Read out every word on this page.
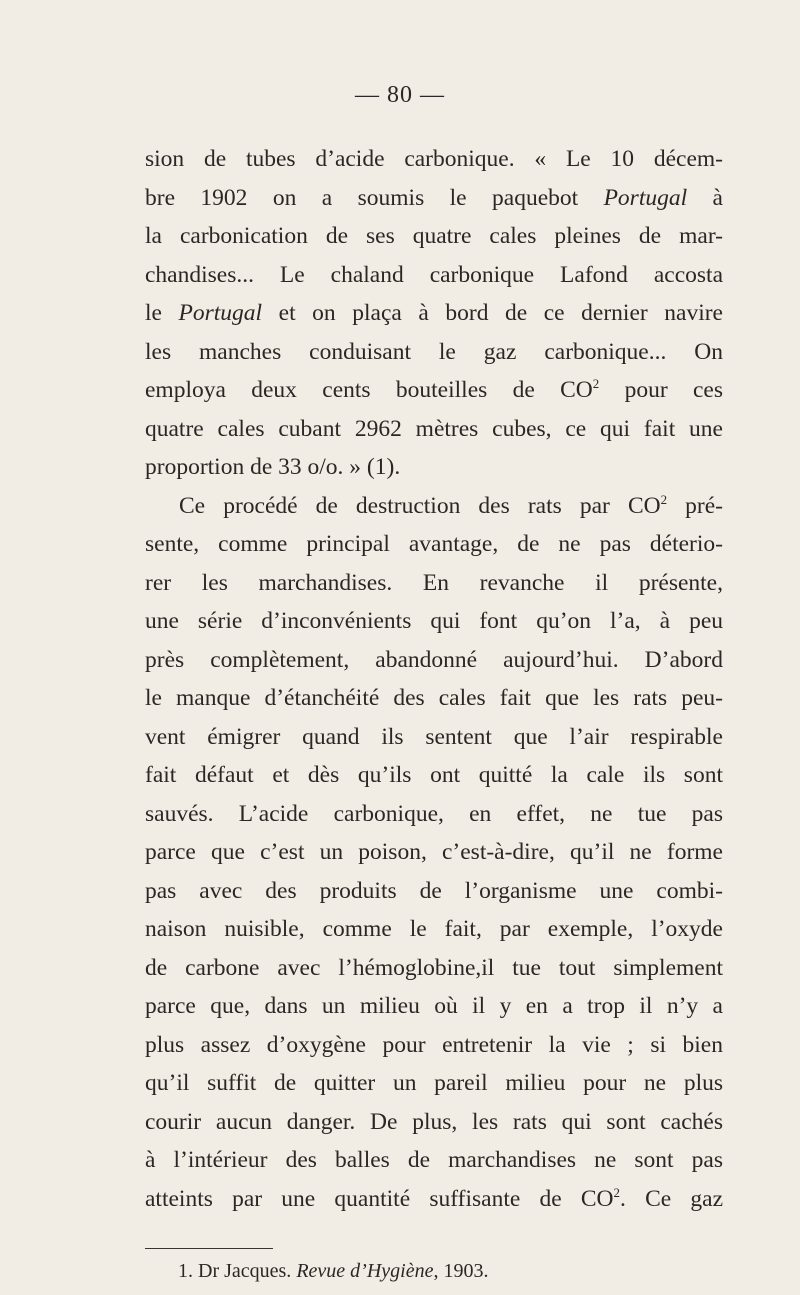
— 80 —
sion de tubes d’acide carbonique. « Le 10 décem-
bre 1902 on a soumis le paquebot Portugal à
la carbonication de ses quatre cales pleines de mar-
chandises... Le chaland carbonique Lafond accosta
le Portugal et on plaça à bord de ce dernier navire
les manches conduisant le gaz carbonique... On
employa deux cents bouteilles de $CO^2$ pour ces
quatre cales cubant 2962 mètres cubes, ce qui fait une
proportion de 33 o/o. » (1).
Ce procédé de destruction des rats par $CO^2$ pré-
sente, comme principal avantage, de ne pas déterio-
rer les marchandises. En revanche il présente,
une série d’inconvénients qui font qu’on l’a, à peu
près complètement, abandonné aujourd’hui. D’abord
le manque d’étanchéité des cales fait que les rats peu-
vent émigrer quand ils sentent que l’air respirable
fait défaut et dès qu’ils ont quitté la cale ils sont
sauvés. L’acide carbonique, en effet, ne tue pas
parce que c’est un poison, c’est-à-dire, qu’il ne forme
pas avec des produits de l’organisme une combi-
naison nuisible, comme le fait, par exemple, l’oxyde
de carbone avec l’hémoglobine,il tue tout simplement
parce que, dans un milieu où il y en a trop il n’y a
plus assez d’oxygène pour entretenir la vie ; si bien
qu’il suffit de quitter un pareil milieu pour ne plus
courir aucun danger. De plus, les rats qui sont cachés
à l’intérieur des balles de marchandises ne sont pas
atteints par une quantité suffisante de $CO^2$. Ce gaz
1. Dr Jacques. Revue d’Hygiène, 1903.
